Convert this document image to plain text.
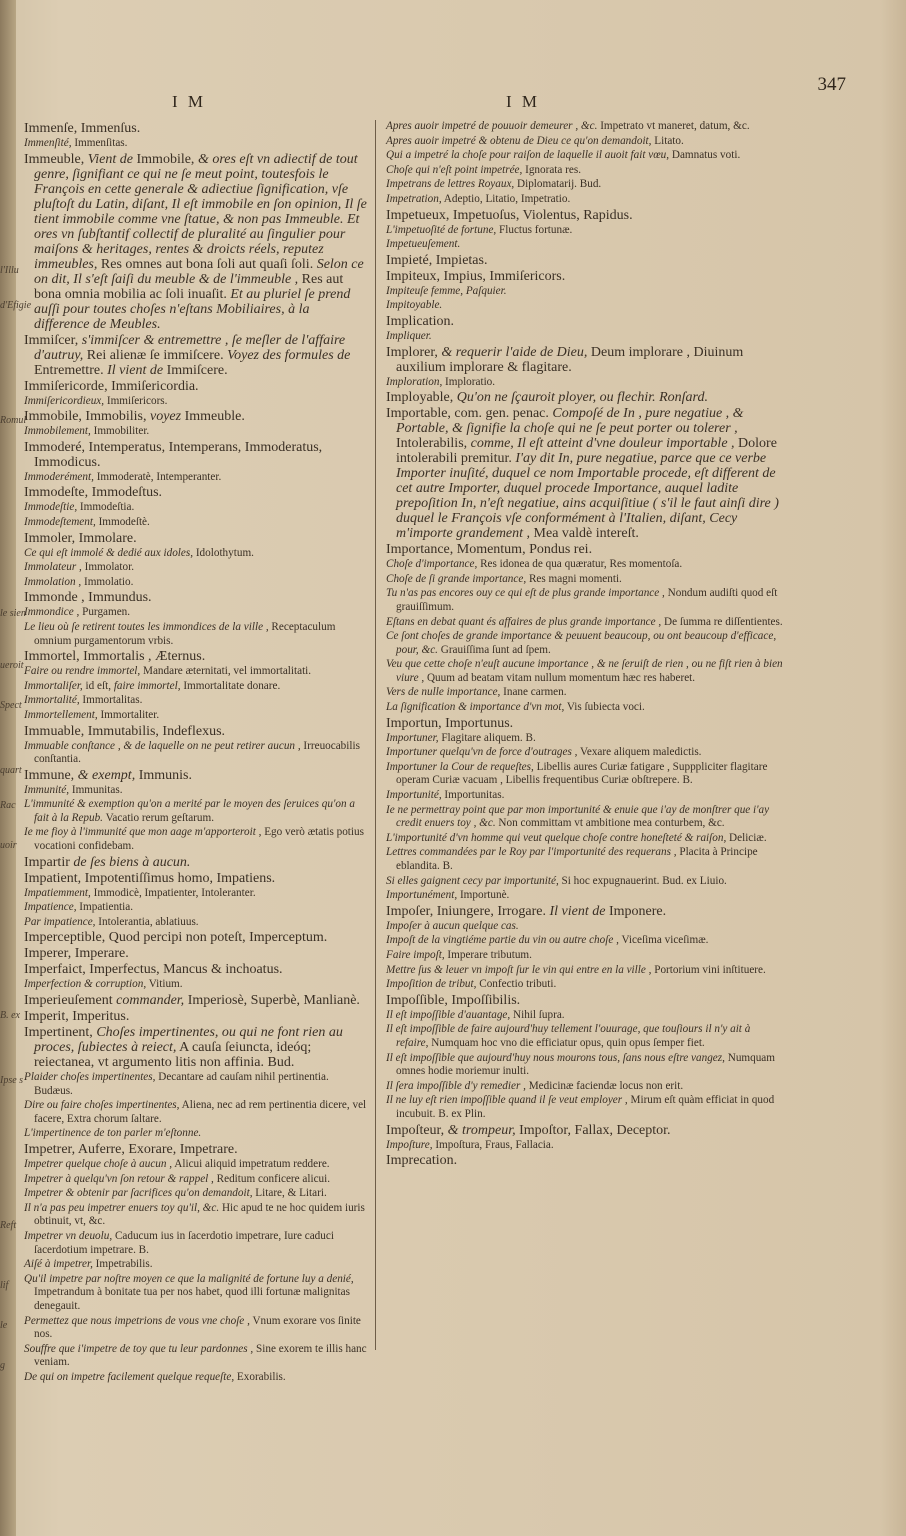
l'Illu
d'Efigie
Romul
le sien
ueroit
Spect
quart
Rac
uoir
B. ex
Ipse s
Reft
lif
le
g
I M	I M
347
Immenſe, Immenſus.
Immenſité, Immenſitas.
Immeuble, Vient de Immobile, & ores eſt vn adiectif de tout genre, ſignifiant ce qui ne ſe meut point, toutesfois le François en cette generale & adiectiue ſignification, vſe pluſtoſt du Latin, diſant, Il eſt immobile en ſon opinion, Il ſe tient immobile comme vne ſtatue, & non pas Immeuble. Et ores vn ſubſtantif collectif de pluralité au ſingulier pour maiſons & heritages, rentes & droicts réels, reputez immeubles, Res omnes aut bona ſoli aut quaſi ſoli. Selon ce on dit, Il s'eſt ſaiſi du meuble & de l'immeuble , Res aut bona omnia mobilia ac ſoli inuaſit. Et au pluriel ſe prend auſſi pour toutes choſes n'eſtans Mobiliaires, à la difference de Meubles.
Immiſcer, s'immiſcer & entremettre , ſe meſler de l'affaire d'autruy, Rei alienæ ſe immiſcere. Voyez des formules de Entremettre. Il vient de Immiſcere.
Immiſericorde, Immiſericordia.
Immiſericordieux, Immiſericors.
Immobile, Immobilis, voyez Immeuble.
Immobilement, Immobiliter.
Immoderé, Intemperatus, Intemperans, Immoderatus, Immodicus.
Immoderément, Immoderatè, Intemperanter.
Immodeſte, Immodeſtus.
Immodeſtie, Immodeſtia.
Immodeſtement, Immodeſtè.
Immoler, Immolare.
Ce qui eſt immolé & dedié aux idoles, Idolothytum.
Immolateur , Immolator.
Immolation , Immolatio.
Immonde , Immundus.
Immondice , Purgamen.
Le lieu où ſe retirent toutes les immondices de la ville , Receptaculum omnium purgamentorum vrbis.
Immortel, Immortalis , Æternus.
Faire ou rendre immortel, Mandare æternitati, vel immortalitati.
Immortaliſer, id eſt, faire immortel, Immortalitate donare.
Immortalité, Immortalitas.
Immortellement, Immortaliter.
Immuable, Immutabilis, Indeflexus.
Immuable conſtance , & de laquelle on ne peut retirer aucun , Irreuocabilis conſtantia.
Immune, & exempt, Immunis.
Immunité, Immunitas.
L'immunité & exemption qu'on a merité par le moyen des ſeruices qu'on a fait à la Repub. Vacatio rerum geſtarum.
Ie me fioy à l'immunité que mon aage m'apporteroit , Ego verò ætatis potius vocationi confidebam.
Impartir de ſes biens à aucun.
Impatient, Impotentiſſimus homo, Impatiens.
Impatiemment, Immodicè, Impatienter, Intoleranter.
Impatience, Impatientia.
Par impatience, Intolerantia, ablatiuus.
Imperceptible, Quod percipi non poteſt, Imperceptum.
Imperer, Imperare.
Imperfaict, Imperfectus, Mancus & inchoatus.
Imperfection & corruption, Vitium.
Imperieuſement commander, Imperiosè, Superbè, Manlianè.
Imperit, Imperitus.
Impertinent, Choſes impertinentes, ou qui ne font rien au proces, ſubiectes à reiect, A cauſa ſeiuncta, ideóq; reiectanea, vt argumento litis non affinia. Bud.
Plaider choſes impertinentes, Decantare ad cauſam nihil pertinentia. Budæus.
Dire ou faire choſes impertinentes, Aliena, nec ad rem pertinentia dicere, vel facere, Extra chorum ſaltare.
L'impertinence de ton parler m'eſtonne.
Impetrer, Auferre, Exorare, Impetrare.
Impetrer quelque choſe à aucun , Alicui aliquid impetratum reddere.
Impetrer à quelqu'vn ſon retour & rappel , Reditum conficere alicui.
Impetrer & obtenir par ſacrifices qu'on demandoit, Litare, & Litari.
Il n'a pas peu impetrer enuers toy qu'il, &c. Hic apud te ne hoc quidem iuris obtinuit, vt, &c.
Impetrer vn deuolu, Caducum ius in ſacerdotio impetrare, Iure caduci ſacerdotium impetrare. B.
Aiſé à impetrer, Impetrabilis.
Qu'il impetre par noſtre moyen ce que la malignité de fortune luy a denié, Impetrandum à bonitate tua per nos habet, quod illi fortunæ malignitas denegauit.
Permettez que nous impetrions de vous vne choſe , Vnum exorare vos ſinite nos.
Souffre que i'impetre de toy que tu leur pardonnes , Sine exorem te illis hanc veniam.
De qui on impetre facilement quelque requeſte, Exorabilis.
Apres auoir impetré de pouuoir demeurer , &c. Impetrato vt maneret, datum, &c.
Apres auoir impetré & obtenu de Dieu ce qu'on demandoit, Litato.
Qui a impetré la choſe pour raiſon de laquelle il auoit fait vœu, Damnatus voti.
Choſe qui n'eſt point impetrée, Ignorata res.
Impetrans de lettres Royaux, Diplomatarij. Bud.
Impetration, Adeptio, Litatio, Impetratio.
Impetueux, Impetuoſus, Violentus, Rapidus.
L'impetuoſité de fortune, Fluctus fortunæ.
Impetueuſement.
Impieté, Impietas.
Impiteux, Impius, Immiſericors.
Impiteuſe femme, Paſquier.
Impitoyable.
Implication.
Impliquer.
Implorer, & requerir l'aide de Dieu, Deum implorare , Diuinum auxilium implorare & flagitare.
Imploration, Imploratio.
Imployable, Qu'on ne ſçauroit ployer, ou flechir. Ronſard.
Importable, com. gen. penac. Compoſé de In , pure negatiue , & Portable, & ſignifie la choſe qui ne ſe peut porter ou tolerer , Intolerabilis, comme, Il eſt atteint d'vne douleur importable , Dolore intolerabili premitur. I'ay dit In, pure negatiue, parce que ce verbe Importer inuſité, duquel ce nom Importable procede, eſt different de cet autre Importer, duquel procede Importance, auquel ladite prepoſition In, n'eſt negatiue, ains acquiſitiue ( s'il le faut ainſi dire ) duquel le François vſe conformément à l'Italien, diſant, Cecy m'importe grandement , Mea valdè intereſt.
Importance, Momentum, Pondus rei.
Choſe d'importance, Res idonea de qua quæratur, Res momentoſa.
Choſe de ſi grande importance, Res magni momenti.
Tu n'as pas encores ouy ce qui eſt de plus grande importance , Nondum audiſti quod eſt grauiſſimum.
Eſtans en debat quant és affaires de plus grande importance , De ſumma re diſſentientes.
Ce ſont choſes de grande importance & peuuent beaucoup, ou ont beaucoup d'efficace, pour, &c. Grauiſſima ſunt ad ſpem.
Veu que cette choſe n'euſt aucune importance , & ne ſeruiſt de rien , ou ne fiſt rien à bien viure , Quum ad beatam vitam nullum momentum hæc res haberet.
Vers de nulle importance, Inane carmen.
La ſignification & importance d'vn mot, Vis ſubiecta voci.
Importun, Importunus.
Importuner, Flagitare aliquem. B.
Importuner quelqu'vn de force d'outrages , Vexare aliquem maledictis.
Importuner la Cour de requeſtes, Libellis aures Curiæ fatigare , Supppliciter flagitare operam Curiæ vacuam , Libellis frequentibus Curiæ obſtrepere. B.
Importunité, Importunitas.
Ie ne permettray point que par mon importunité & enuie que i'ay de monſtrer que i'ay credit enuers toy , &c. Non committam vt ambitione mea conturbem, &c.
L'importunité d'vn homme qui veut quelque choſe contre honeſteté & raiſon, Deliciæ.
Lettres commandées par le Roy par l'importunité des requerans , Placita à Principe eblandita. B.
Si elles gaignent cecy par importunité, Si hoc expugnauerint. Bud. ex Liuio.
Importunément, Importunè.
Impoſer, Iniungere, Irrogare. Il vient de Imponere.
Impoſer à aucun quelque cas.
Impoſt de la vingtiéme partie du vin ou autre choſe , Viceſima viceſimæ.
Faire impoſt, Imperare tributum.
Mettre ſus & leuer vn impoſt ſur le vin qui entre en la ville , Portorium vini inſtituere.
Impoſition de tribut, Confectio tributi.
Impoſſible, Impoſſibilis.
Il eſt impoſſible d'auantage, Nihil ſupra.
Il eſt impoſſible de faire aujourd'huy tellement l'ouurage, que touſiours il n'y ait à refaire, Numquam hoc vno die efficiatur opus, quin opus ſemper fiet.
Il eſt impoſſible que aujourd'huy nous mourons tous, ſans nous eſtre vangez, Numquam omnes hodie moriemur inulti.
Il ſera impoſſible d'y remedier , Medicinæ faciendæ locus non erit.
Il ne luy eſt rien impoſſible quand il ſe veut employer , Mirum eſt quàm efficiat in quod incubuit. B. ex Plin.
Impoſteur, & trompeur, Impoſtor, Fallax, Deceptor.
Impoſture, Impoſtura, Fraus, Fallacia.
Imprecation.
